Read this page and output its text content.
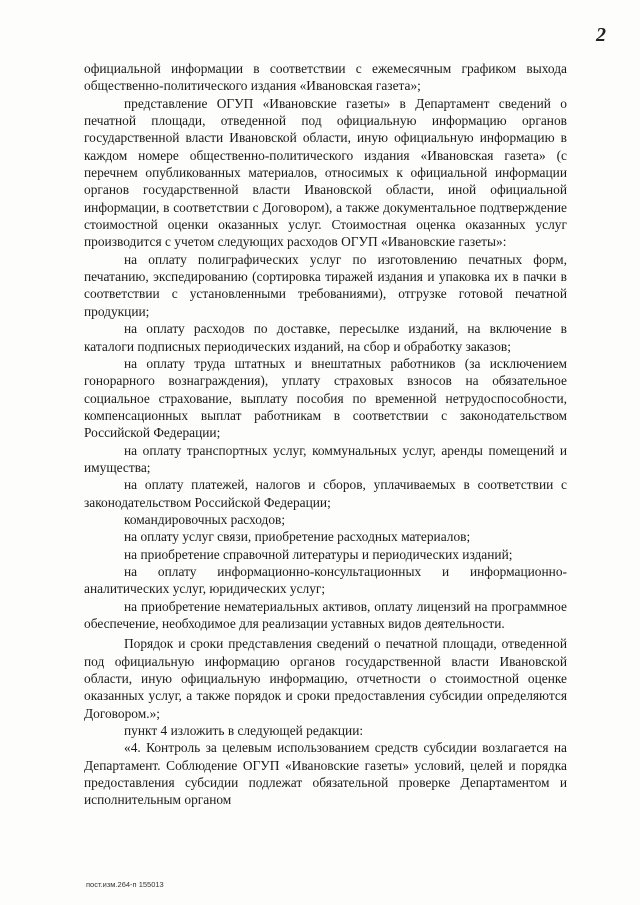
2

официальной информации в соответствии с ежемесячным графиком выхода общественно-политического издания «Ивановская газета»;

представление ОГУП «Ивановские газеты» в Департамент сведений о печатной площади, отведенной под официальную информацию органов государственной власти Ивановской области, иную официальную информацию в каждом номере общественно-политического издания «Ивановская газета» (с перечнем опубликованных материалов, относимых к официальной информации органов государственной власти Ивановской области, иной официальной информации, в соответствии с Договором), а также документальное подтверждение стоимостной оценки оказанных услуг. Стоимостная оценка оказанных услуг производится с учетом следующих расходов ОГУП «Ивановские газеты»:

на оплату полиграфических услуг по изготовлению печатных форм, печатанию, экспедированию (сортировка тиражей издания и упаковка их в пачки в соответствии с установленными требованиями), отгрузке готовой печатной продукции;

на оплату расходов по доставке, пересылке изданий, на включение в каталоги подписных периодических изданий, на сбор и обработку заказов;

на оплату труда штатных и внештатных работников (за исключением гонорарного вознаграждения), уплату страховых взносов на обязательное социальное страхование, выплату пособия по временной нетрудоспособности, компенсационных выплат работникам в соответствии с законодательством Российской Федерации;

на оплату транспортных услуг, коммунальных услуг, аренды помещений и имущества;

на оплату платежей, налогов и сборов, уплачиваемых в соответствии с законодательством Российской Федерации;

командировочных расходов;

на оплату услуг связи, приобретение расходных материалов;

на приобретение справочной литературы и периодических изданий;

на оплату информационно-консультационных и информационно-аналитических услуг, юридических услуг;

на приобретение нематериальных активов, оплату лицензий на программное обеспечение, необходимое для реализации уставных видов деятельности.

Порядок и сроки представления сведений о печатной площади, отведенной под официальную информацию органов государственной власти Ивановской области, иную официальную информацию, отчетности о стоимостной оценке оказанных услуг, а также порядок и сроки предоставления субсидии определяются Договором.»;

пункт 4 изложить в следующей редакции:

«4. Контроль за целевым использованием средств субсидии возлагается на Департамент. Соблюдение ОГУП «Ивановские газеты» условий, целей и порядка предоставления субсидии подлежат обязательной проверке Департаментом и исполнительным органом

пост.изм.264-п 155013
